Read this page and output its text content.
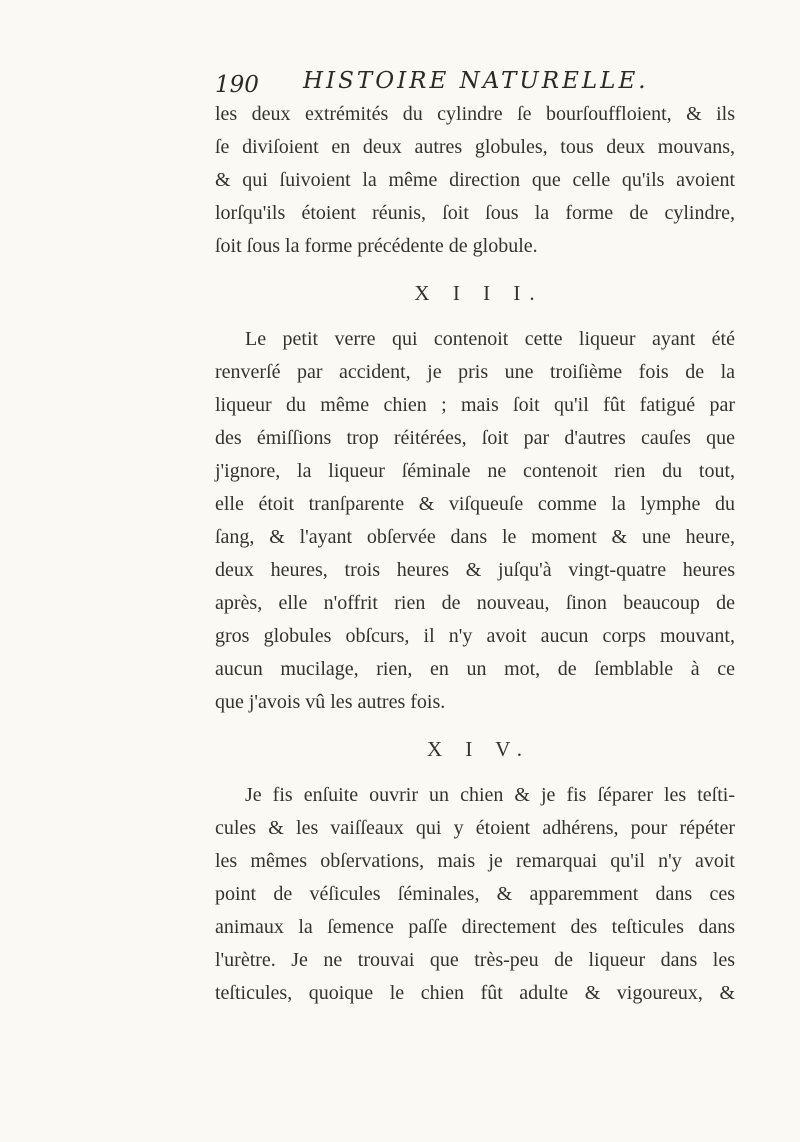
190 HISTOIRE NATURELLE.
les deux extrémités du cylindre ſe bourſouffloient, & ils
ſe diviſoient en deux autres globules, tous deux mouvans,
& qui ſuivoient la même direction que celle qu'ils avoient
lorſqu'ils étoient réunis, ſoit ſous la forme de cylindre,
ſoit ſous la forme précédente de globule.
X I I I.
Le petit verre qui contenoit cette liqueur ayant été
renverſé par accident, je pris une troiſième fois de la
liqueur du même chien ; mais ſoit qu'il fût fatigué par
des émiſſions trop réitérées, ſoit par d'autres cauſes que
j'ignore, la liqueur ſéminale ne contenoit rien du tout,
elle étoit tranſparente & viſqueuſe comme la lymphe du
ſang, & l'ayant obſervée dans le moment & une heure,
deux heures, trois heures & juſqu'à vingt-quatre heures
après, elle n'offrit rien de nouveau, ſinon beaucoup de
gros globules obſcurs, il n'y avoit aucun corps mouvant,
aucun mucilage, rien, en un mot, de ſemblable à ce
que j'avois vû les autres fois.
X I V.
Je fis enſuite ouvrir un chien & je fis ſéparer les teſti-
cules & les vaiſſeaux qui y étoient adhérens, pour répéter
les mêmes obſervations, mais je remarquai qu'il n'y avoit
point de véſicules ſéminales, & apparemment dans ces
animaux la ſemence paſſe directement des teſticules dans
l'urètre. Je ne trouvai que très-peu de liqueur dans les
teſticules, quoique le chien fût adulte & vigoureux, &
